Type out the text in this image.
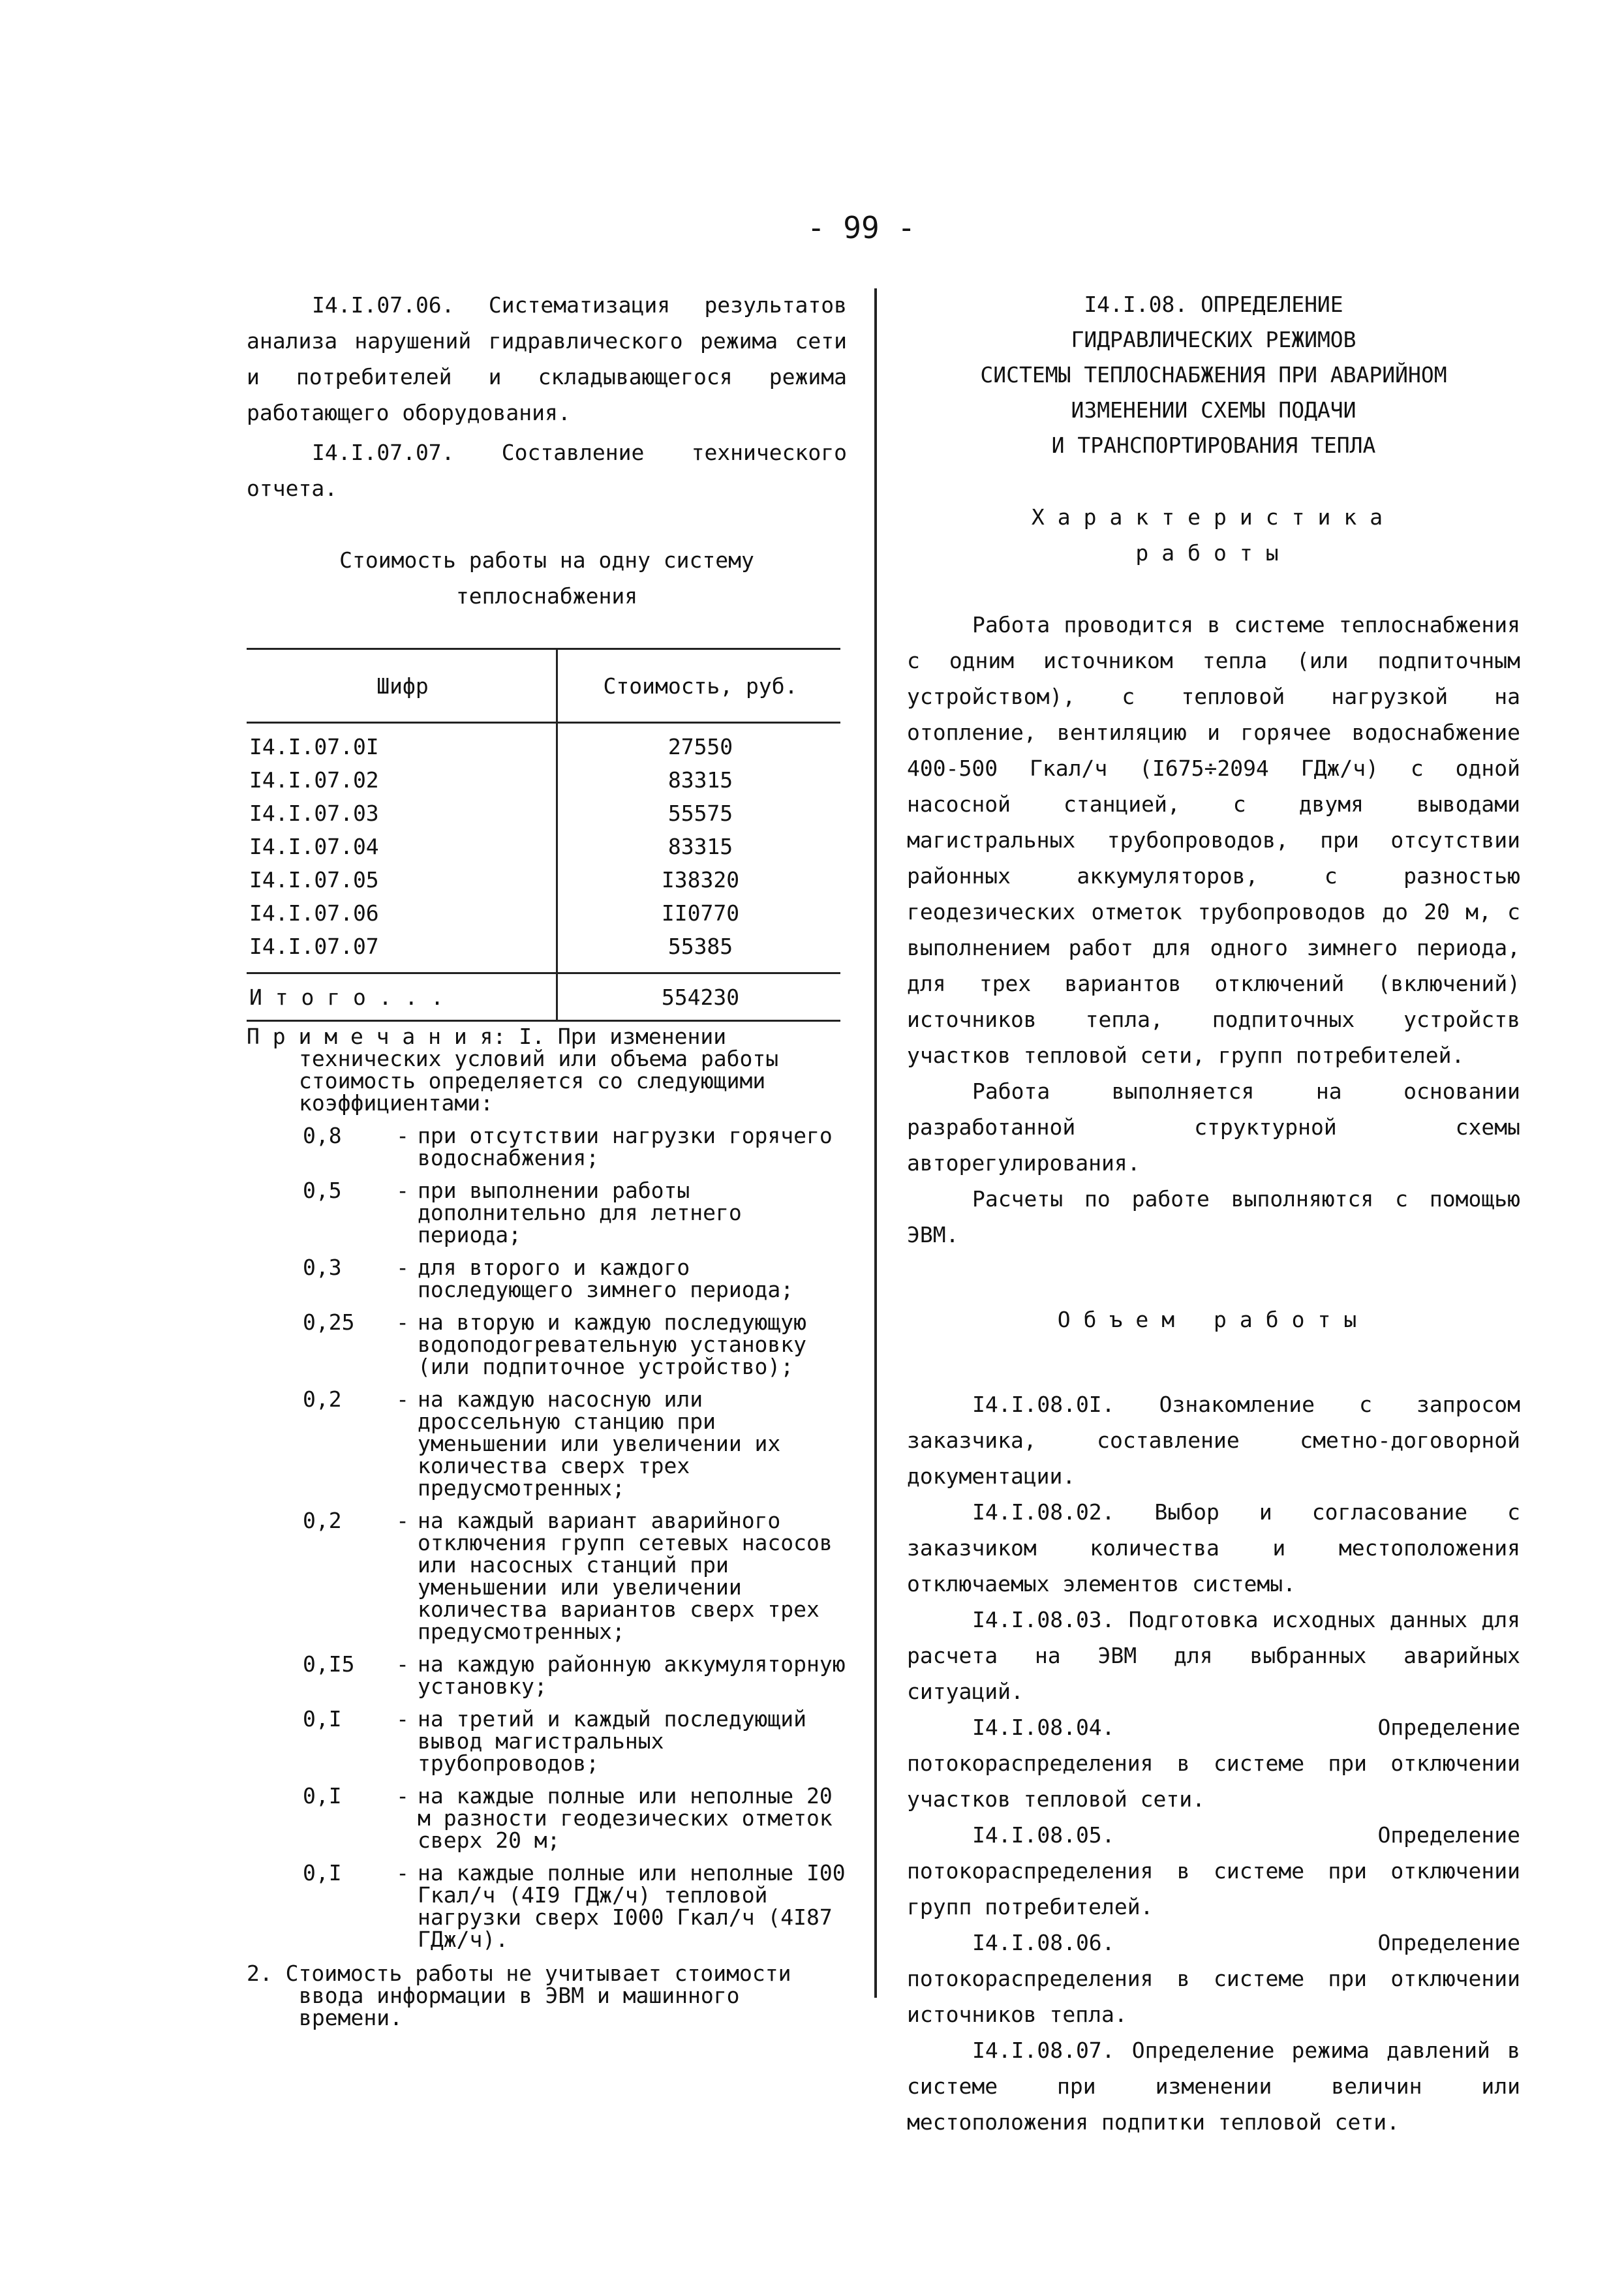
- 99 -

I4.I.07.06. Систематизация результатов анализа нарушений гидравлического режима сети и потребителей и складывающегося режима работающего оборудования.

I4.I.07.07. Составление технического отчета.

Стоимость работы на одну систему теплоснабжения

Шифр	Стоимость, руб.
I4.I.07.0I	27550
I4.I.07.02	83315
I4.I.07.03	55575
I4.I.07.04	83315
I4.I.07.05	I38320
I4.I.07.06	II0770
I4.I.07.07	55385
И т о г о . . .	554230

П р и м е ч а н и я: I. При изменении технических условий или объема работы стоимость определяется со следующими коэффициентами:

0,8	- при отсутствии нагрузки горячего водоснабжения;
0,5	- при выполнении работы дополнительно для летнего периода;
0,3	- для второго и каждого последующего зимнего периода;
0,25	- на вторую и каждую последующую водоподогревательную установку (или подпиточное устройство);
0,2	- на каждую насосную или дроссельную станцию при уменьшении или увеличении их количества сверх трех предусмотренных;
0,2	- на каждый вариант аварийного отключения групп сетевых насосов или насосных станций при уменьшении или увеличении количества вариантов сверх трех предусмотренных;
0,I5	- на каждую районную аккумуляторную установку;
0,I	- на третий и каждый последующий вывод магистральных трубопроводов;
0,I	- на каждые полные или неполные 20 м разности геодезических отметок сверх 20 м;
0,I	- на каждые полные или неполные I00 Гкал/ч (4I9 ГДж/ч) тепловой нагрузки сверх I000 Гкал/ч (4I87 ГДж/ч).

2. Стоимость работы не учитывает стоимости ввода информации в ЭВМ и машинного времени.

I4.I.08. ОПРЕДЕЛЕНИЕ

ГИДРАВЛИЧЕСКИХ РЕЖИМОВ

СИСТЕМЫ ТЕПЛОСНАБЖЕНИЯ ПРИ АВАРИЙНОМ

ИЗМЕНЕНИИ СХЕМЫ ПОДАЧИ

И ТРАНСПОРТИРОВАНИЯ ТЕПЛА

Характеристика

работы

Работа проводится в системе теплоснабжения с одним источником тепла (или подпиточным устройством), с тепловой нагрузкой на отопление, вентиляцию и горячее водоснабжение 400-500 Гкал/ч (I675÷2094 ГДж/ч) с одной насосной станцией, с двумя выводами магистральных трубопроводов, при отсутствии районных аккумуляторов, с разностью геодезических отметок трубопроводов до 20 м, с выполнением работ для одного зимнего периода, для трех вариантов отключений (включений) источников тепла, подпиточных устройств участков тепловой сети, групп потребителей.

Работа выполняется на основании разработанной структурной схемы авторегулирования.

Расчеты по работе выполняются с помощью ЭВМ.

Объем работы

I4.I.08.0I. Ознакомление с запросом заказчика, составление сметно-договорной документации.

I4.I.08.02. Выбор и согласование с заказчиком количества и местоположения отключаемых элементов системы.

I4.I.08.03. Подготовка исходных данных для расчета на ЭВМ для выбранных аварийных ситуаций.

I4.I.08.04. Определение потокораспределения в системе при отключении участков тепловой сети.

I4.I.08.05. Определение потокораспределения в системе при отключении групп потребителей.

I4.I.08.06. Определение потокораспределения в системе при отключении источников тепла.

I4.I.08.07. Определение режима давлений в системе при изменении величин или местоположения подпитки тепловой сети.
